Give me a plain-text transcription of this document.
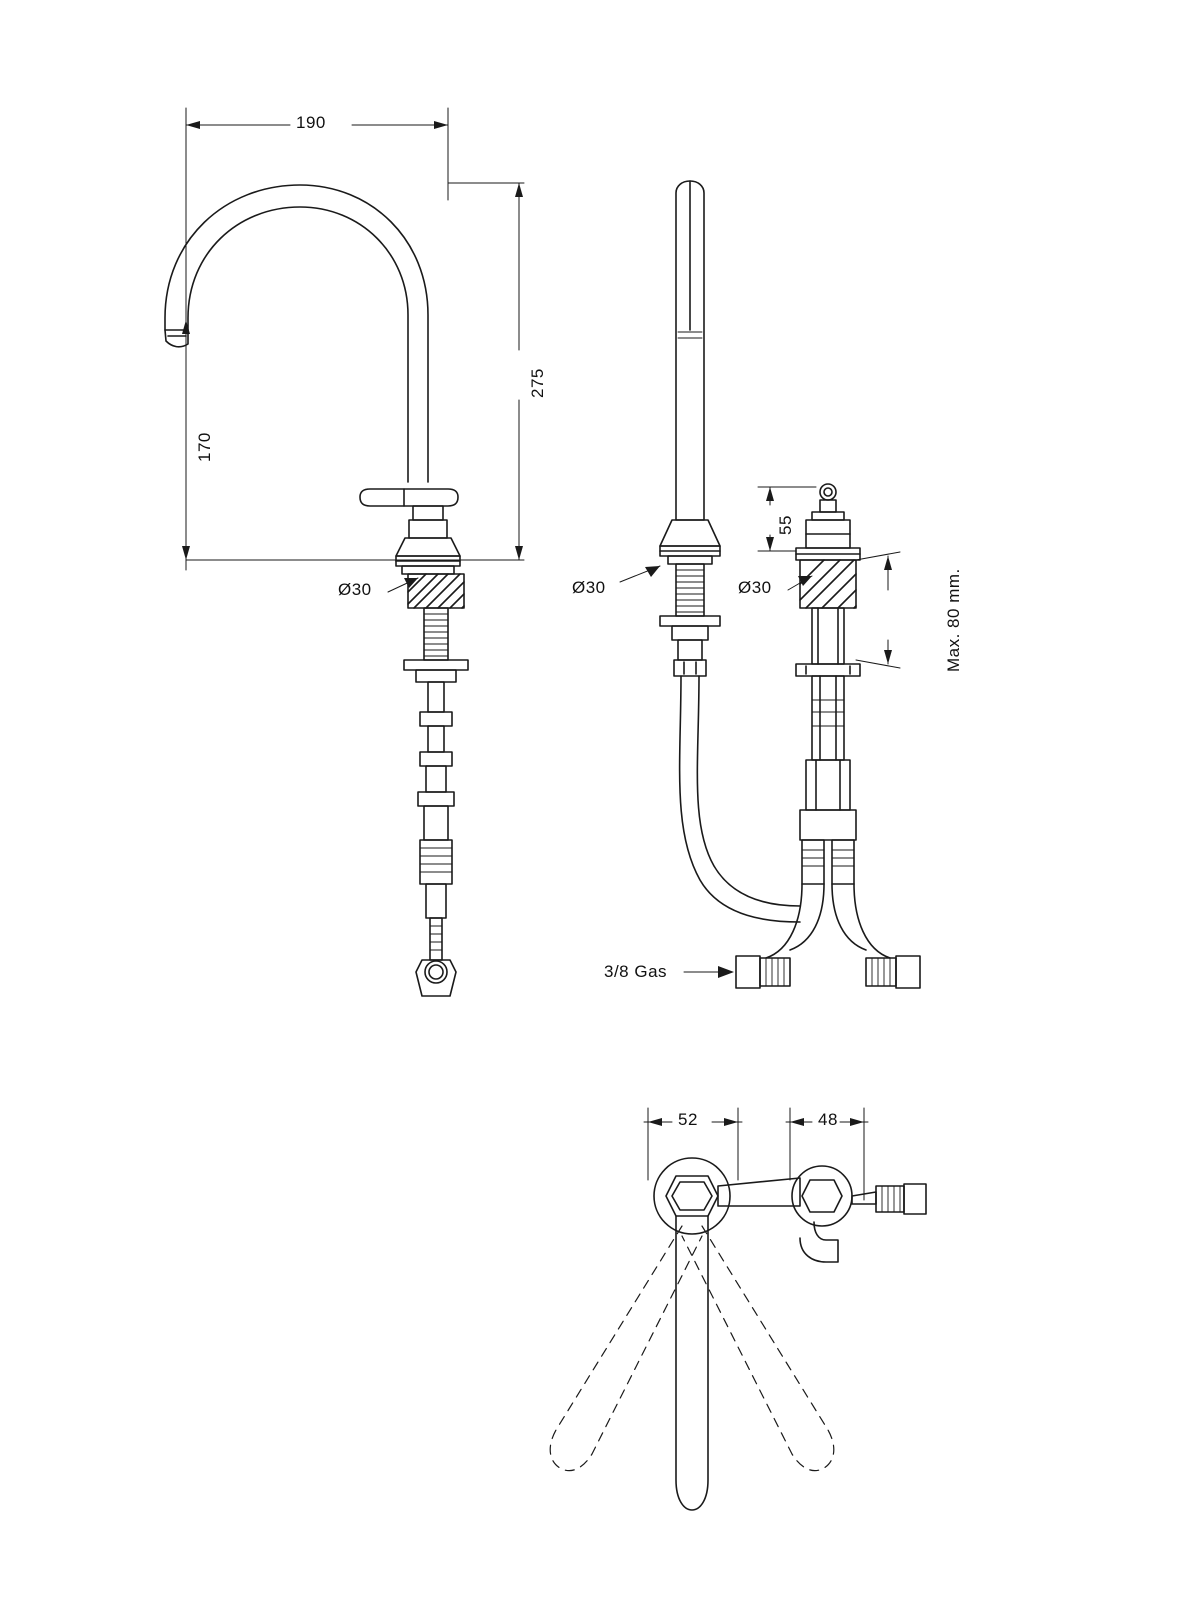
190
275
170
Ø30	Ø30	Ø30
55
Max. 80 mm.
3/8 Gas
52	48
